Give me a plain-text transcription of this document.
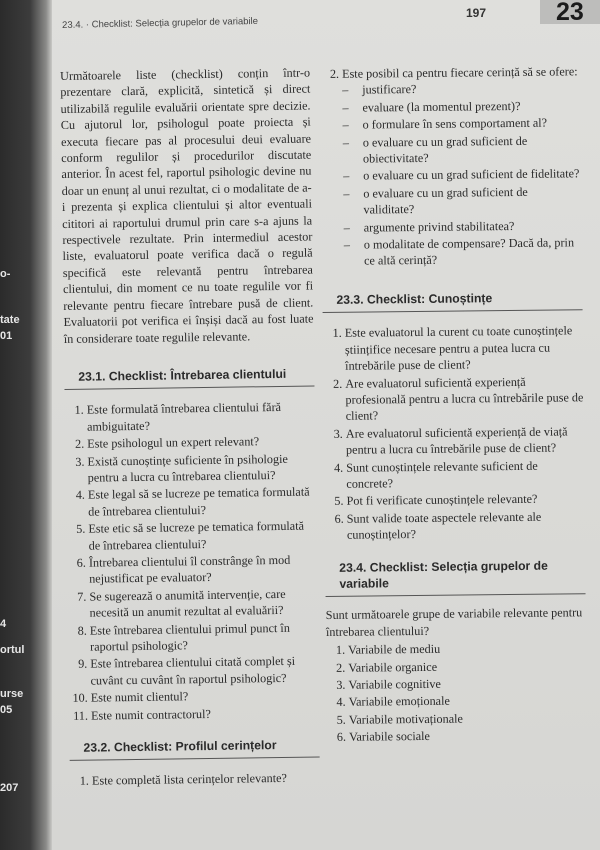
o-
tate
01
4
ortul
urse
05
207
23.4. · Checklist: Selecția grupelor de variabile
197	23

Următoarele liste (checklist) conțin într-o prezentare clară, explicită, sintetică și direct utilizabilă regulile evaluării orientate spre decizie. Cu ajutorul lor, psihologul poate proiecta și executa fiecare pas al procesului deui evaluare conform regulilor și procedurilor discutate anterior. În acest fel, raportul psihologic devine nu doar un enunț al unui rezultat, ci o modalitate de a-i prezenta și explica clientului și altor eventuali cititori ai raportului drumul prin care s-a ajuns la respectivele rezultate. Prin intermediul acestor liste, evaluatorul poate verifica dacă o regulă specifică este relevantă pentru întrebarea clientului, din moment ce nu toate regulile vor fi relevante pentru fiecare întrebare pusă de client. Evaluatorii pot verifica ei înșiși dacă au fost luate în considerare toate regulile relevante.

23.1. Checklist: Întrebarea clientului
1. Este formulată întrebarea clientului fără ambiguitate?
2. Este psihologul un expert relevant?
3. Există cunoștințe suficiente în psihologie pentru a lucra cu întrebarea clientului?
4. Este legal să se lucreze pe tematica formulată de întrebarea clientului?
5. Este etic să se lucreze pe tematica formulată de întrebarea clientului?
6. Întrebarea clientului îl constrânge în mod nejustificat pe evaluator?
7. Se sugerează o anumită intervenție, care necesită un anumit rezultat al evaluării?
8. Este întrebarea clientului primul punct în raportul psihologic?
9. Este întrebarea clientului citată complet și cuvânt cu cuvânt în raportul psihologic?
10. Este numit clientul?
11. Este numit contractorul?
23.2. Checklist: Profilul cerințelor
1. Este completă lista cerințelor relevante?
2. Este posibil ca pentru fiecare cerință să se ofere:
– justificare?
– evaluare (la momentul prezent)?
– o formulare în sens comportament al?
– o evaluare cu un grad suficient de obiectivitate?
– o evaluare cu un grad suficient de fidelitate?
– o evaluare cu un grad suficient de validitate?
– argumente privind stabilitatea?
– o modalitate de compensare? Dacă da, prin ce altă cerință?
23.3. Checklist: Cunoștințe
1. Este evaluatorul la curent cu toate cunoștințele științifice necesare pentru a putea lucra cu întrebările puse de client?
2. Are evaluatorul suficientă experiență profesională pentru a lucra cu întrebările puse de client?
3. Are evaluatorul suficientă experiență de viață pentru a lucra cu întrebările puse de client?
4. Sunt cunoștințele relevante suficient de concrete?
5. Pot fi verificate cunoștințele relevante?
6. Sunt valide toate aspectele relevante ale cunoștințelor?
23.4. Checklist: Selecția grupelor de variabile

Sunt următoarele grupe de variabile relevante pentru întrebarea clientului?

1. Variabile de mediu
2. Variabile organice
3. Variabile cognitive
4. Variabile emoționale
5. Variabile motivaționale
6. Variabile sociale
